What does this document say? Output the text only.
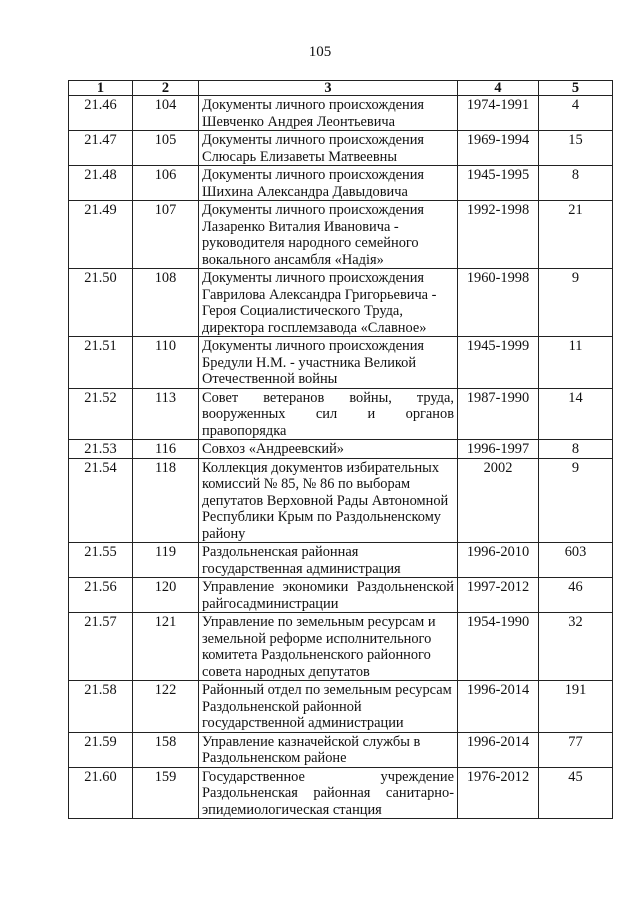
105
1	2	3	4	5
21.46	104	Документы личного происхождения Шевченко Андрея Леонтьевича	1974-1991	4
21.47	105	Документы личного происхождения Слюсарь Елизаветы Матвеевны	1969-1994	15
21.48	106	Документы личного происхождения Шихина Александра Давыдовича	1945-1995	8
21.49	107	Документы личного происхождения Лазаренко Виталия Ивановича - руководителя народного семейного вокального ансамбля «Надія»	1992-1998	21
21.50	108	Документы личного происхождения Гаврилова Александра Григорьевича - Героя Социалистического Труда, директора госплемзавода «Славное»	1960-1998	9
21.51	110	Документы личного происхождения Бредули Н.М. - участника Великой Отечественной войны	1945-1999	11
21.52	113	Совет ветеранов войны, труда, вооруженных сил и органов правопорядка	1987-1990	14
21.53	116	Совхоз «Андреевский»	1996-1997	8
21.54	118	Коллекция документов избирательных комиссий № 85, № 86 по выборам депутатов Верховной Рады Автономной Республики Крым по Раздольненскому району	2002	9
21.55	119	Раздольненская районная государственная администрация	1996-2010	603
21.56	120	Управление экономики Раздольненской райгосадминистрации	1997-2012	46
21.57	121	Управление по земельным ресурсам и земельной реформе исполнительного комитета Раздольненского районного совета народных депутатов	1954-1990	32
21.58	122	Районный отдел по земельным ресурсам Раздольненской районной государственной администрации	1996-2014	191
21.59	158	Управление казначейской службы в Раздольненском районе	1996-2014	77
21.60	159	Государственное учреждение Раздольненская районная санитарно-эпидемиологическая станция	1976-2012	45
